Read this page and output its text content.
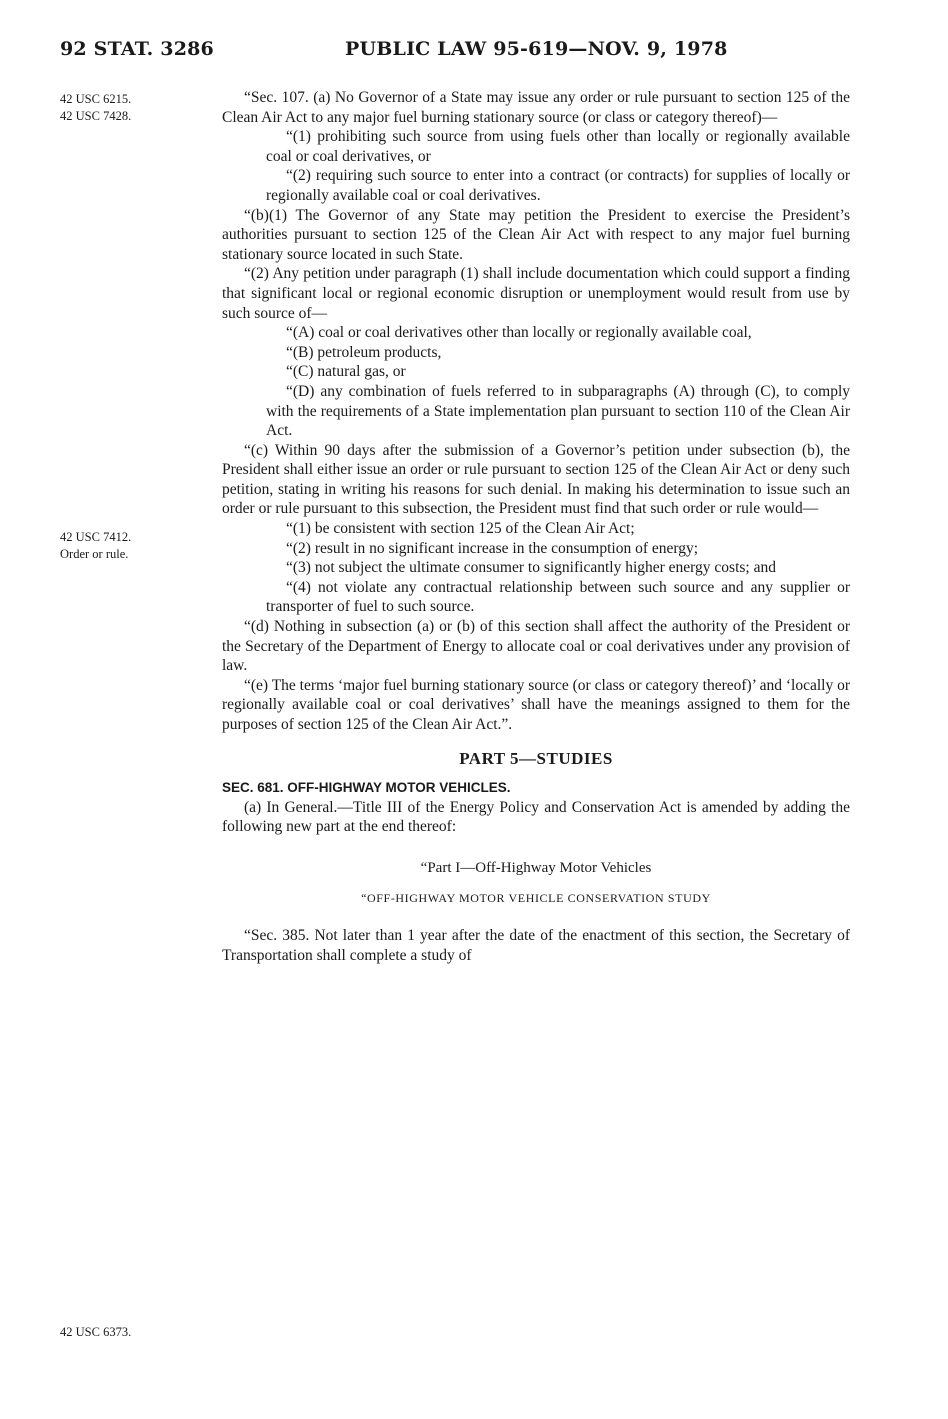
92 STAT. 3286	PUBLIC LAW 95-619—NOV. 9, 1978
42 USC 6215.
42 USC 7428.
42 USC 7412.
Order or rule.
42 USC 6373.

“Sec. 107. (a) No Governor of a State may issue any order or rule pursuant to section 125 of the Clean Air Act to any major fuel burning stationary source (or class or category thereof)—

“(1) prohibiting such source from using fuels other than locally or regionally available coal or coal derivatives, or

“(2) requiring such source to enter into a contract (or contracts) for supplies of locally or regionally available coal or coal derivatives.

“(b)(1) The Governor of any State may petition the President to exercise the President’s authorities pursuant to section 125 of the Clean Air Act with respect to any major fuel burning stationary source located in such State.

“(2) Any petition under paragraph (1) shall include documentation which could support a finding that significant local or regional economic disruption or unemployment would result from use by such source of—

“(A) coal or coal derivatives other than locally or regionally available coal,

“(B) petroleum products,

“(C) natural gas, or

“(D) any combination of fuels referred to in subparagraphs (A) through (C), to comply with the requirements of a State implementation plan pursuant to section 110 of the Clean Air Act.

“(c) Within 90 days after the submission of a Governor’s petition under subsection (b), the President shall either issue an order or rule pursuant to section 125 of the Clean Air Act or deny such petition, stating in writing his reasons for such denial. In making his determination to issue such an order or rule pursuant to this subsection, the President must find that such order or rule would—

“(1) be consistent with section 125 of the Clean Air Act;

“(2) result in no significant increase in the consumption of energy;

“(3) not subject the ultimate consumer to significantly higher energy costs; and

“(4) not violate any contractual relationship between such source and any supplier or transporter of fuel to such source.

“(d) Nothing in subsection (a) or (b) of this section shall affect the authority of the President or the Secretary of the Department of Energy to allocate coal or coal derivatives under any provision of law.

“(e) The terms ‘major fuel burning stationary source (or class or category thereof)’ and ‘locally or regionally available coal or coal derivatives’ shall have the meanings assigned to them for the purposes of section 125 of the Clean Air Act.”.

PART 5—STUDIES
SEC. 681. OFF-HIGHWAY MOTOR VEHICLES.

(a) In General.—Title III of the Energy Policy and Conservation Act is amended by adding the following new part at the end thereof:

“Part I—Off-Highway Motor Vehicles
“OFF-HIGHWAY MOTOR VEHICLE CONSERVATION STUDY

“Sec. 385. Not later than 1 year after the date of the enactment of this section, the Secretary of Transportation shall complete a study of
